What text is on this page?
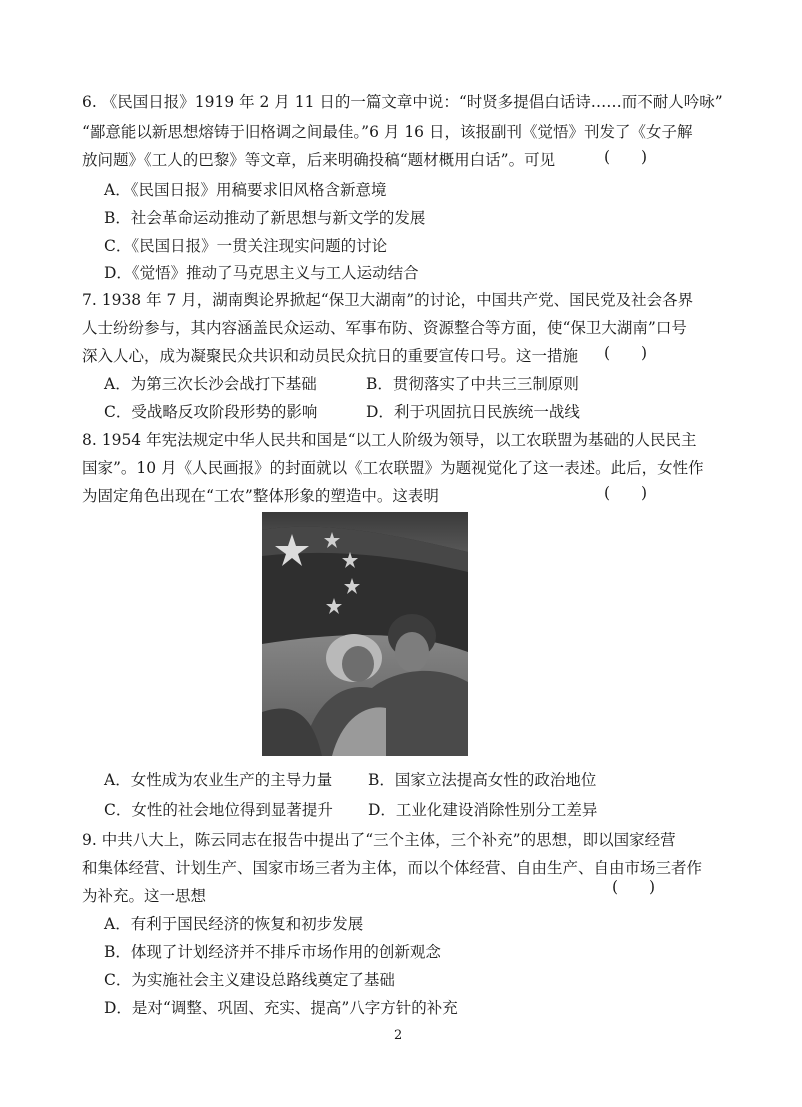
6. 《民国日报》1919 年 2 月 11 日的一篇文章中说：“时贤多提倡白话诗……而不耐人吟咏”
“鄙意能以新思想熔铸于旧格调之间最佳。”6 月 16 日，该报副刊《觉悟》刊发了《女子解
放问题》《工人的巴黎》等文章，后来明确投稿“题材概用白话”。可见	(　　)
A．《民国日报》用稿要求旧风格含新意境
B．社会革命运动推动了新思想与新文学的发展
C．《民国日报》一贯关注现实问题的讨论
D．《觉悟》推动了马克思主义与工人运动结合
7. 1938 年 7 月，湖南舆论界掀起“保卫大湖南”的讨论，中国共产党、国民党及社会各界
人士纷纷参与，其内容涵盖民众运动、军事布防、资源整合等方面，使“保卫大湖南”口号
深入人心，成为凝聚民众共识和动员民众抗日的重要宣传口号。这一措施 (　　)
A．为第三次长沙会战打下基础	B．贯彻落实了中共三三制原则
C．受战略反攻阶段形势的影响	D．利于巩固抗日民族统一战线
8. 1954 年宪法规定中华人民共和国是“以工人阶级为领导，以工农联盟为基础的人民民主
国家”。10 月《人民画报》的封面就以《工农联盟》为题视觉化了这一表述。此后，女性作
为固定角色出现在“工农”整体形象的塑造中。这表明	(　　)
A．女性成为农业生产的主导力量 B．国家立法提高女性的政治地位
C．女性的社会地位得到显著提升 D．工业化建设消除性别分工差异
9. 中共八大上，陈云同志在报告中提出了“三个主体，三个补充”的思想，即以国家经营
和集体经营、计划生产、国家市场三者为主体，而以个体经营、自由生产、自由市场三者作
为补充。这一思想	(　　)
A．有利于国民经济的恢复和初步发展
B．体现了计划经济并不排斥市场作用的创新观念
C．为实施社会主义建设总路线奠定了基础
D．是对“调整、巩固、充实、提高”八字方针的补充
2
